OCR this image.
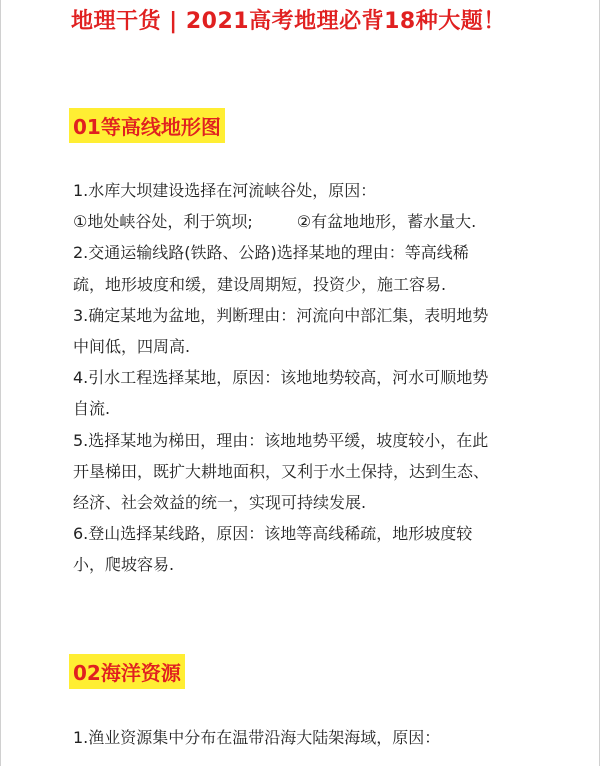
地理干货 | 2021高考地理必背18种大题！
01等高线地形图
1.水库大坝建设选择在河流峡谷处，原因：
①地处峡谷处，利于筑坝;	②有盆地地形，蓄水量大.
2.交通运输线路(铁路、公路)选择某地的理由：等高线稀
疏，地形坡度和缓，建设周期短，投资少，施工容易.
3.确定某地为盆地，判断理由：河流向中部汇集，表明地势
中间低，四周高.
4.引水工程选择某地，原因：该地地势较高，河水可顺地势
自流.
5.选择某地为梯田，理由：该地地势平缓，坡度较小，在此
开垦梯田，既扩大耕地面积，又利于水土保持，达到生态、
经济、社会效益的统一，实现可持续发展.
6.登山选择某线路，原因：该地等高线稀疏，地形坡度较
小，爬坡容易.
02海洋资源
1.渔业资源集中分布在温带沿海大陆架海域，原因：
